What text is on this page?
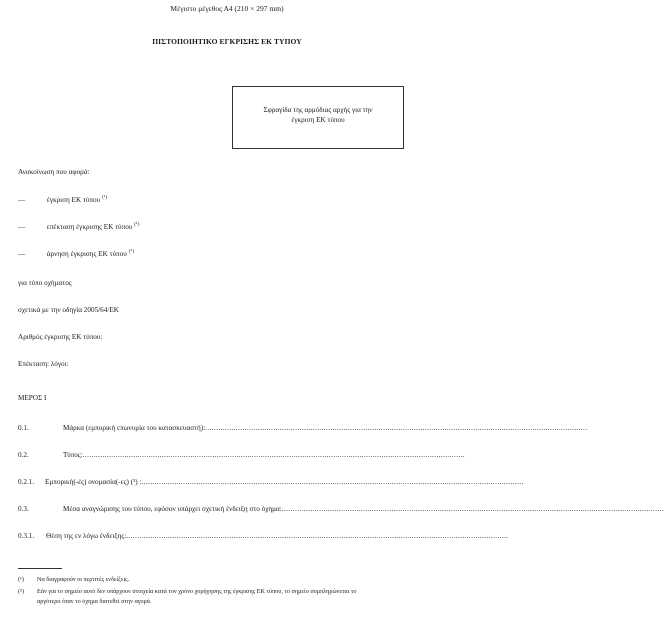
Μέγιστο μέγεθος Α4 (210 × 297 mm)
ΠΙΣΤΟΠΟΙΗΤΙΚΟ ΕΓΚΡΙΣΗΣ ΕΚ ΤΥΠΟΥ
Σφραγίδα της αρμόδιας αρχής για την
έγκριση ΕΚ τύπου
Ανακοίνωση που αφορά:
—	έγκριση ΕΚ τύπου $^{(^1)}$
—	επέκταση έγκρισης ΕΚ τύπου $^{(^1)}$
—	άρνηση έγκρισης ΕΚ τύπου $^{(^1)}$
για τύπο οχήματος
σχετικά με την οδηγία 2005/64/ΕΚ
Αριθμός έγκρισης ΕΚ τύπου:
Επέκταση: λόγοι:
ΜΕΡΟΣ Ι
0.1.	Μάρκα (εμπορική επωνυμία του κατασκευαστή):..............................................................................................................................................................................
0.2.	Τύπος:..............................................................................................................................................................................
0.2.1. Εμπορική(-ές) ονομασία(-ες) (²) :..............................................................................................................................................................................
0.3.	Μέσα αναγνώρισης του τύπου, εφόσον υπάρχει σχετική ένδειξη στο όχημα:..............................................................................................................................................................................
0.3.1. Θέση της εν λόγω ένδειξης:..............................................................................................................................................................................
(¹) Να διαγραφούν οι περιττές ενδείξεις.
(²) Εάν για το σημείο αυτό δεν υπάρχουν στοιχεία κατά τον χρόνο χορήγησης της έγκρισης ΕΚ τύπου, το σημείο συμπληρώνεται το
αργότερο όταν το όχημα διατεθεί στην αγορά.
